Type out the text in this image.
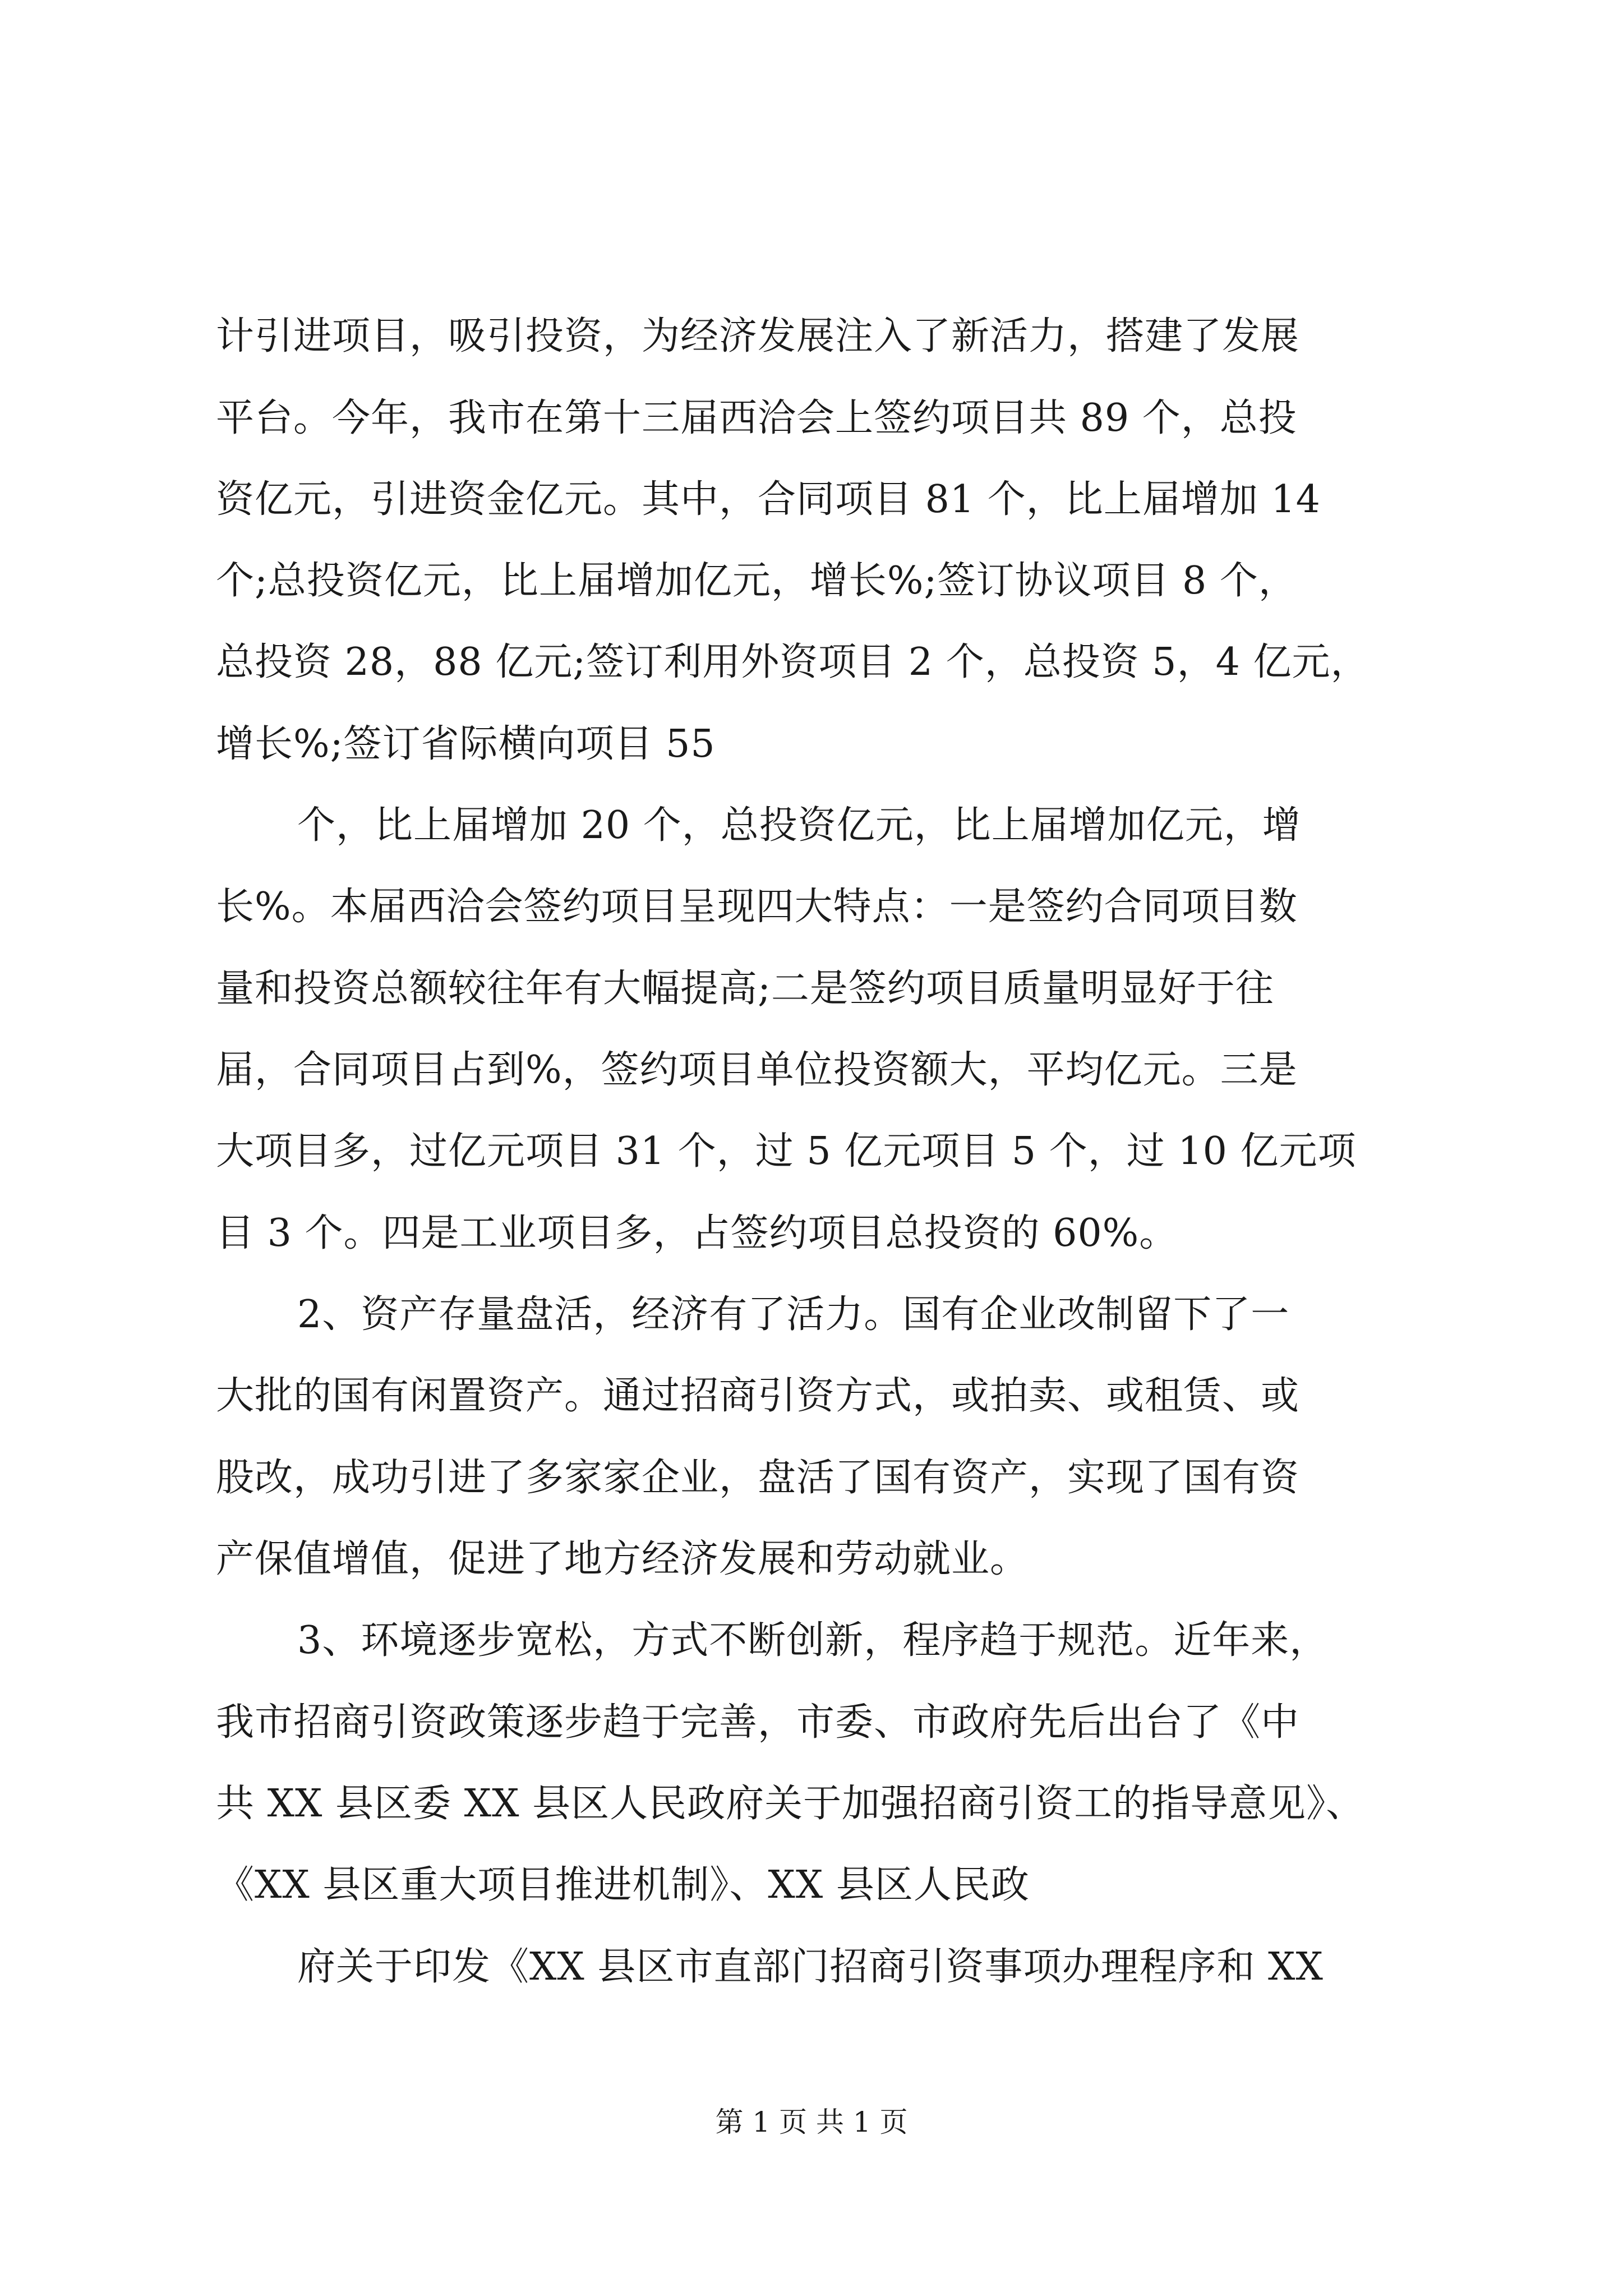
计引进项目，吸引投资，为经济发展注入了新活力，搭建了发展
平台。今年，我市在第十三届西洽会上签约项目共 89 个，总投
资亿元，引进资金亿元。其中，合同项目 81 个，比上届增加 14
个;总投资亿元，比上届增加亿元，增长%;签订协议项目 8 个，
总投资 28，88 亿元;签订利用外资项目 2 个，总投资 5，4 亿元，
增长%;签订省际横向项目 55
个，比上届增加 20 个，总投资亿元，比上届增加亿元，增
长%。本届西洽会签约项目呈现四大特点：一是签约合同项目数
量和投资总额较往年有大幅提高;二是签约项目质量明显好于往
届，合同项目占到%，签约项目单位投资额大，平均亿元。三是
大项目多，过亿元项目 31 个，过 5 亿元项目 5 个，过 10 亿元项
目 3 个。四是工业项目多，占签约项目总投资的 60%。
2、资产存量盘活，经济有了活力。国有企业改制留下了一
大批的国有闲置资产。通过招商引资方式，或拍卖、或租赁、或
股改，成功引进了多家家企业，盘活了国有资产，实现了国有资
产保值增值，促进了地方经济发展和劳动就业。
3、环境逐步宽松，方式不断创新，程序趋于规范。近年来，
我市招商引资政策逐步趋于完善，市委、市政府先后出台了《中
共 XX 县区委 XX 县区人民政府关于加强招商引资工的指导意见》、
《XX 县区重大项目推进机制》、XX 县区人民政
府关于印发《XX 县区市直部门招商引资事项办理程序和 XX
第 1 页 共 1 页
